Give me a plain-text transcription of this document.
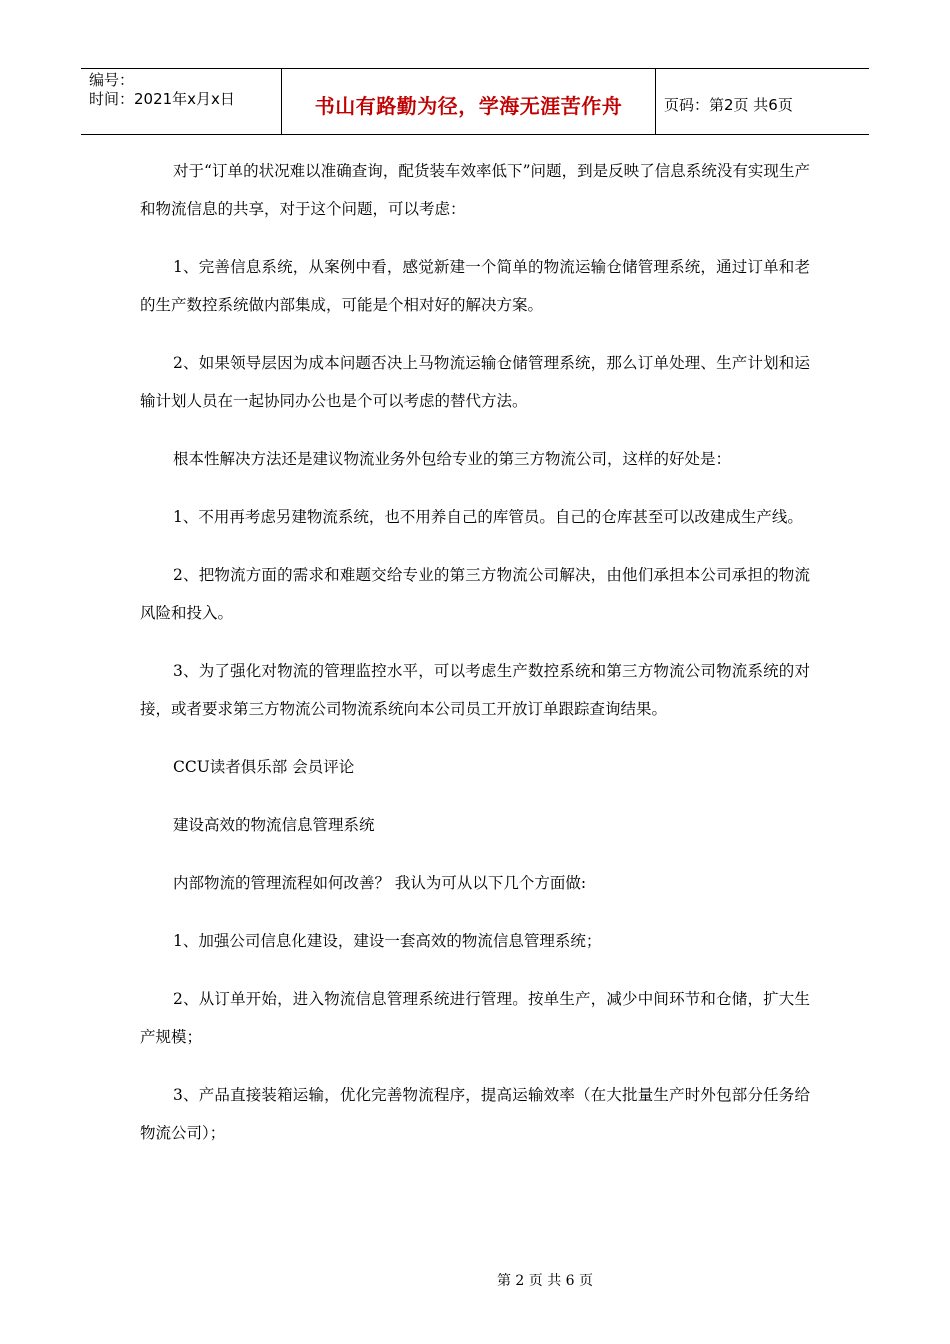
编号：
时间：2021年x月x日	书山有路勤为径，学海无涯苦作舟	页码：第2页 共6页

对于“订单的状况难以准确查询，配货装车效率低下”问题，到是反映了信息系统没有实现生产和物流信息的共享，对于这个问题，可以考虑：

1、完善信息系统，从案例中看，感觉新建一个简单的物流运输仓储管理系统，通过订单和老的生产数控系统做内部集成，可能是个相对好的解决方案。

2、如果领导层因为成本问题否决上马物流运输仓储管理系统，那么订单处理、生产计划和运输计划人员在一起协同办公也是个可以考虑的替代方法。

根本性解决方法还是建议物流业务外包给专业的第三方物流公司，这样的好处是：

1、不用再考虑另建物流系统，也不用养自己的库管员。自己的仓库甚至可以改建成生产线。

2、把物流方面的需求和难题交给专业的第三方物流公司解决，由他们承担本公司承担的物流风险和投入。

3、为了强化对物流的管理监控水平，可以考虑生产数控系统和第三方物流公司物流系统的对接，或者要求第三方物流公司物流系统向本公司员工开放订单跟踪查询结果。

CCU读者俱乐部 会员评论

建设高效的物流信息管理系统

内部物流的管理流程如何改善？ 我认为可从以下几个方面做:

1、加强公司信息化建设，建设一套高效的物流信息管理系统；

2、从订单开始，进入物流信息管理系统进行管理。按单生产，减少中间环节和仓储，扩大生产规模；

3、产品直接装箱运输，优化完善物流程序，提高运输效率（在大批量生产时外包部分任务给物流公司）；

第 2 页 共 6 页
